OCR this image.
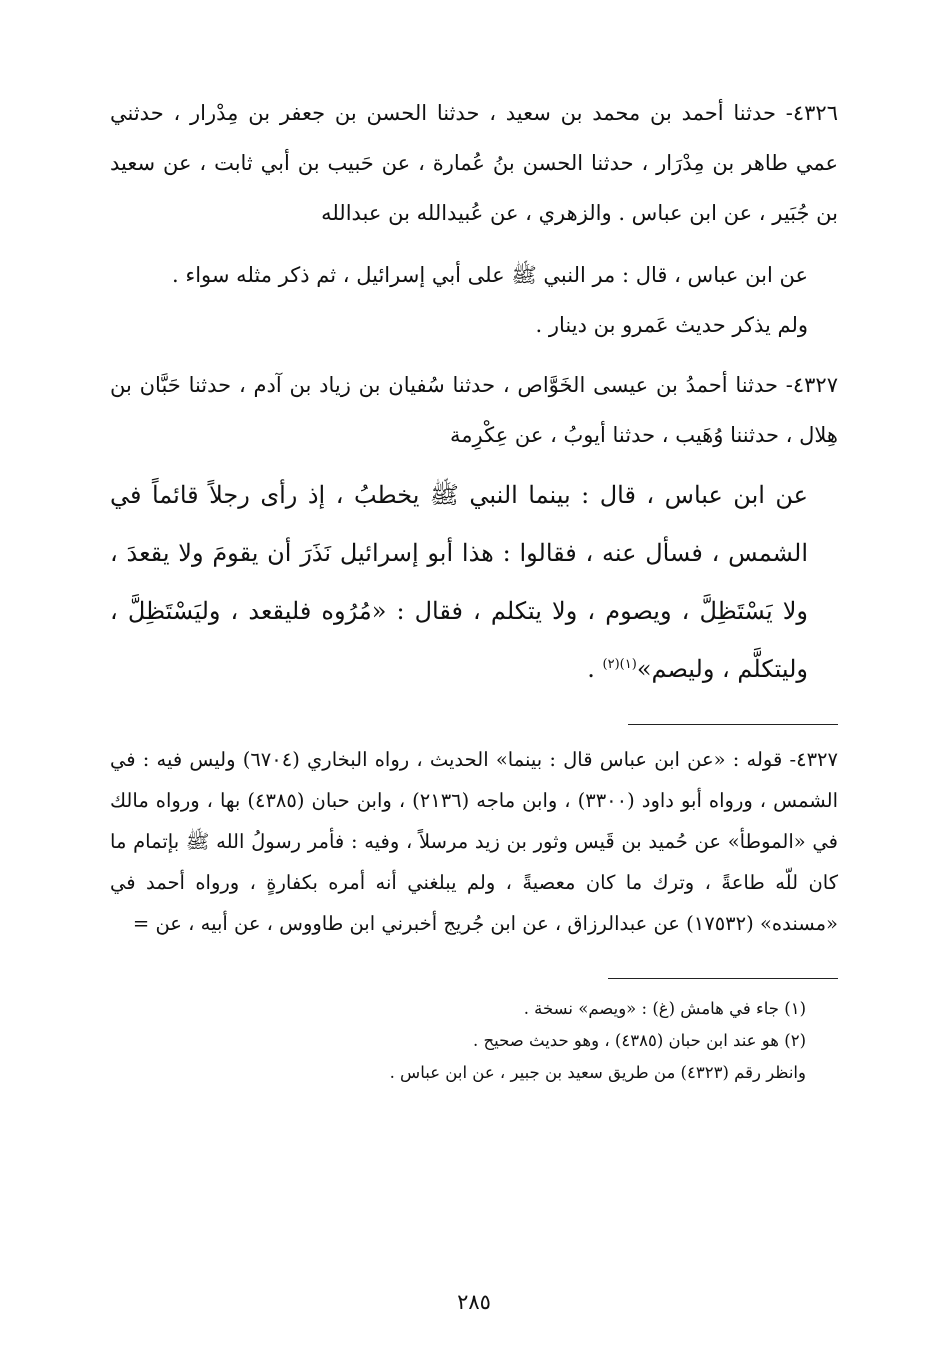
٤٣٢٦- حدثنا أحمد بن محمد بن سعيد ، حدثنا الحسن بن جعفر بن مِدْرار ، حدثني عمي طاهر بن مِدْرَار ، حدثنا الحسن بنُ عُمارة ، عن حَبيب بن أبي ثابت ، عن سعيد بن جُبَير ، عن ابن عباس . والزهري ، عن عُبيدالله بن عبدالله

عن ابن عباس ، قال : مر النبي ﷺ على أبي إسرائيل ، ثم ذكر مثله سواء .

ولم يذكر حديث عَمرو بن دينار .

٤٣٢٧- حدثنا أحمدُ بن عيسى الخَوَّاص ، حدثنا سُفيان بن زياد بن آدم ، حدثنا حَبَّان بن هِلال ، حدثننا وُهَيب ، حدثنا أيوبُ ، عن عِكْرِمة

عن ابن عباس ، قال : بينما النبي ﷺ يخطبُ ، إذ رأى رجلاً قائماً في الشمس ، فسأل عنه ، فقالوا : هذا أبو إسرائيل نَذَرَ أن يقومَ ولا يقعدَ ، ولا يَسْتَظِلَّ ، ويصوم ، ولا يتكلم ، فقال : «مُرُوه فليقعد ، وليَسْتَظِلَّ ، وليتكلَّم ، وليصم»$^{(١)(٢)}$ .

٤٣٢٧- قوله : «عن ابن عباس قال : بينما» الحديث ، رواه البخاري (٦٧٠٤) وليس فيه : في الشمس ، ورواه أبو داود (٣٣٠٠) ، وابن ماجه (٢١٣٦) ، وابن حبان (٤٣٨٥) بها ، ورواه مالك في «الموطأ» عن حُميد بن قَيس وثور بن زيد مرسلاً ، وفيه : فأمر رسولُ الله ﷺ بإتمام ما كان للّه طاعةً ، وترك ما كان معصيةً ، ولم يبلغني أنه أمره بكفارةٍ ، ورواه أحمد في «مسنده» (١٧٥٣٢) عن عبدالرزاق ، عن ابن جُريج أخبرني ابن طاووس ، عن أبيه ، عن =

(١) جاء في هامش (غ) : «ويصم» نسخة .
(٢) هو عند ابن حبان (٤٣٨٥) ، وهو حديث صحيح .
وانظر رقم (٤٣٢٣) من طريق سعيد بن جبير ، عن ابن عباس .
٢٨٥
